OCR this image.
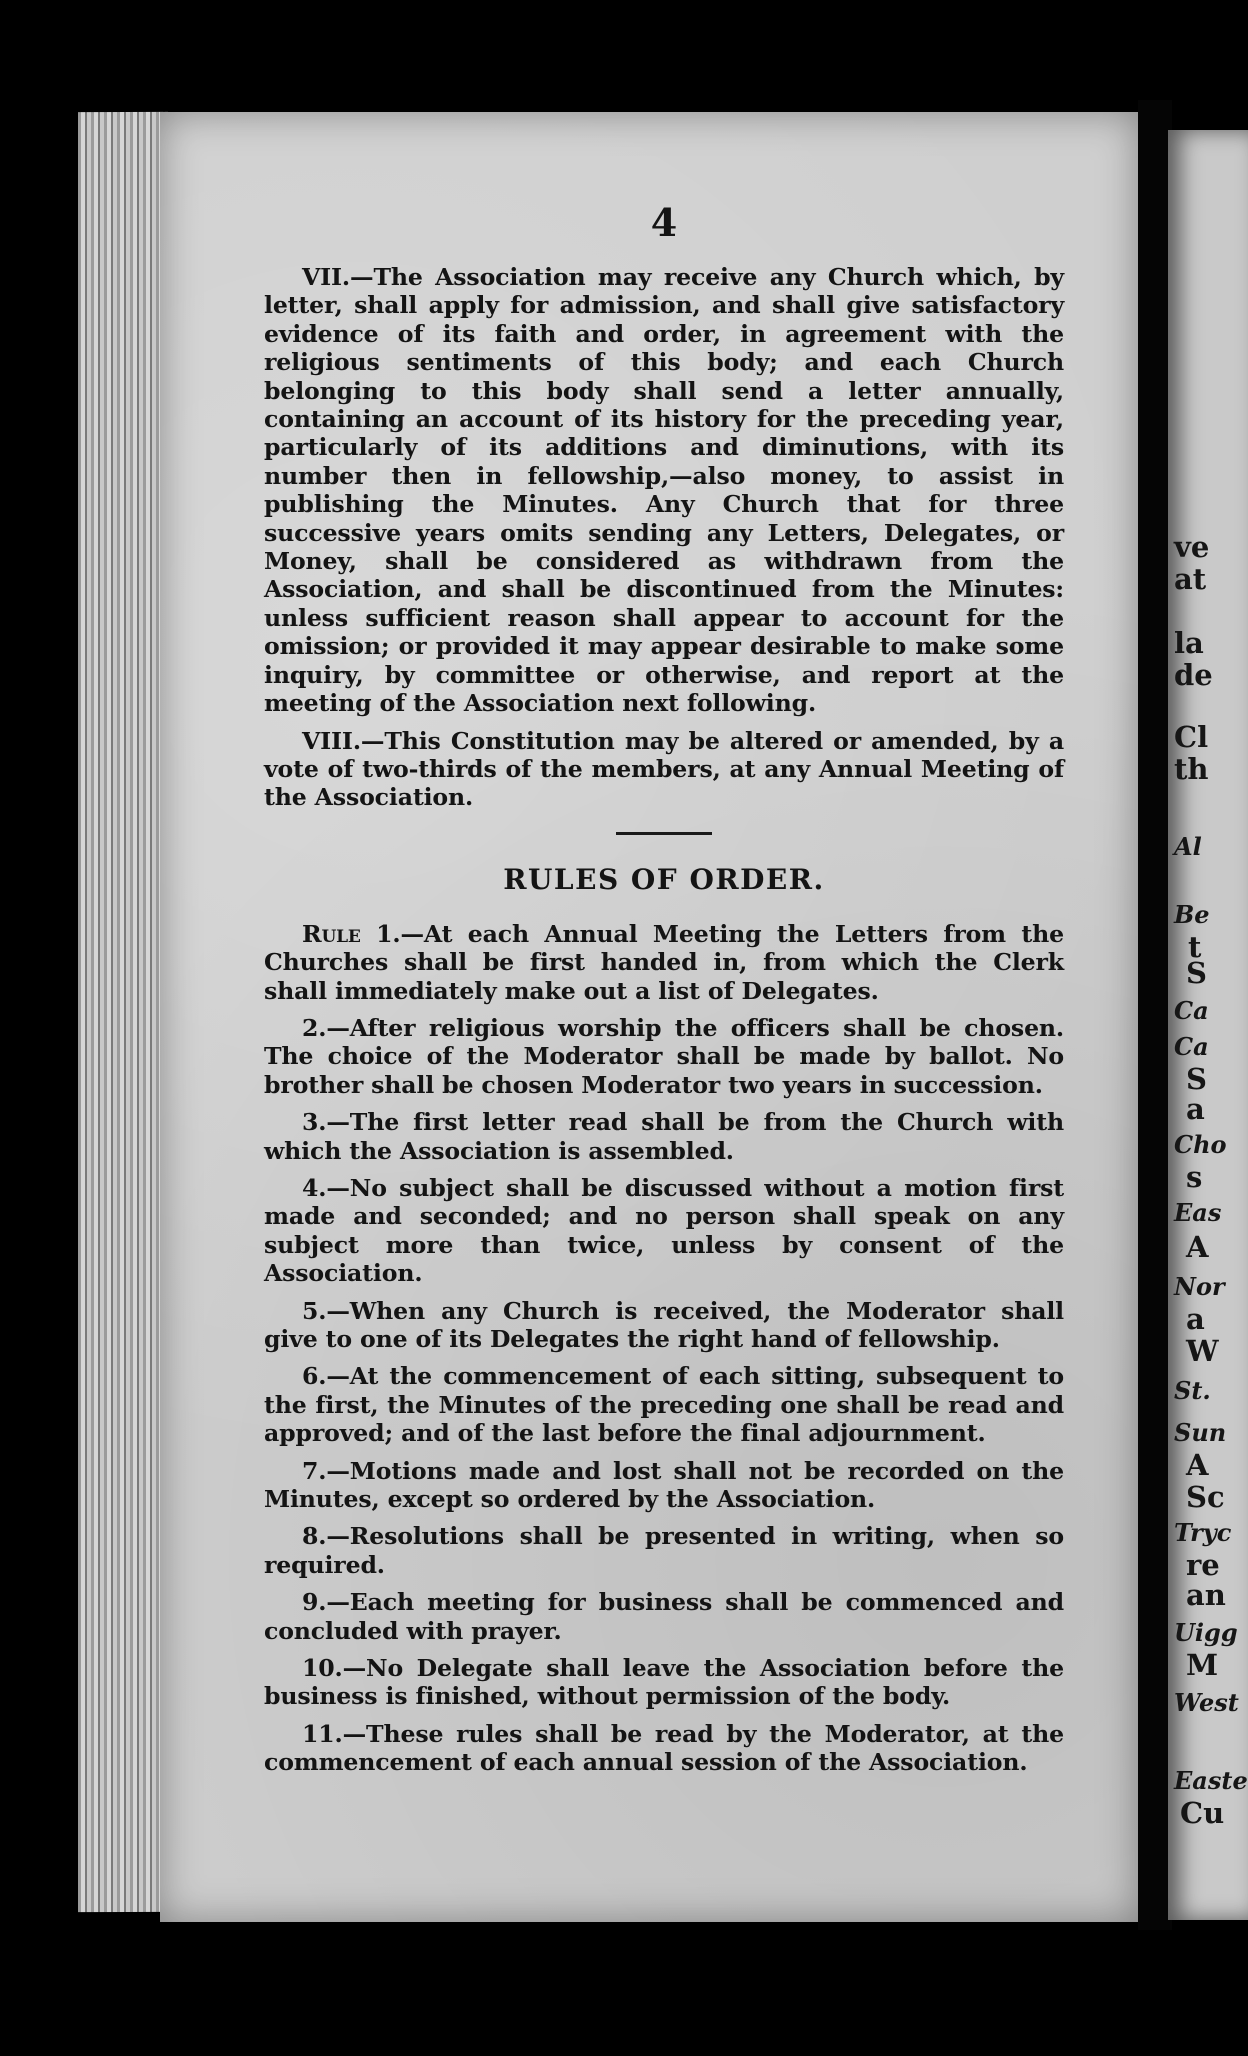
ve
at
la
de
Cl
th
Al
Be
t
S
Ca
Ca
S
a
Cho
s
Eas
A
Nor
a
W
St.
Sun
A
Sc
Tryc
re
an
Uigg
M
West
Easte
Cu
4

VII.—The Association may receive any Church which, by letter, shall apply for admission, and shall give satisfactory evidence of its faith and order, in agreement with the religious sentiments of this body; and each Church belonging to this body shall send a letter annually, containing an account of its history for the preceding year, particularly of its additions and diminutions, with its number then in fellowship,—also money, to assist in publishing the Minutes. Any Church that for three successive years omits sending any Letters, Delegates, or Money, shall be considered as withdrawn from the Association, and shall be discontinued from the Minutes: unless sufficient reason shall appear to account for the omission; or provided it may appear desirable to make some inquiry, by committee or otherwise, and report at the meeting of the Association next following.

VIII.—This Constitution may be altered or amended, by a vote of two-thirds of the members, at any Annual Meeting of the Association.

RULES OF ORDER.

Rule 1.—At each Annual Meeting the Letters from the Churches shall be first handed in, from which the Clerk shall immediately make out a list of Delegates.

2.—After religious worship the officers shall be chosen. The choice of the Moderator shall be made by ballot. No brother shall be chosen Moderator two years in succession.

3.—The first letter read shall be from the Church with which the Association is assembled.

4.—No subject shall be discussed without a motion first made and seconded; and no person shall speak on any subject more than twice, unless by consent of the Association.

5.—When any Church is received, the Moderator shall give to one of its Delegates the right hand of fellowship.

6.—At the commencement of each sitting, subsequent to the first, the Minutes of the preceding one shall be read and approved; and of the last before the final adjournment.

7.—Motions made and lost shall not be recorded on the Minutes, except so ordered by the Association.

8.—Resolutions shall be presented in writing, when so required.

9.—Each meeting for business shall be commenced and concluded with prayer.

10.—No Delegate shall leave the Association before the business is finished, without permission of the body.

11.—These rules shall be read by the Moderator, at the commencement of each annual session of the Association.
